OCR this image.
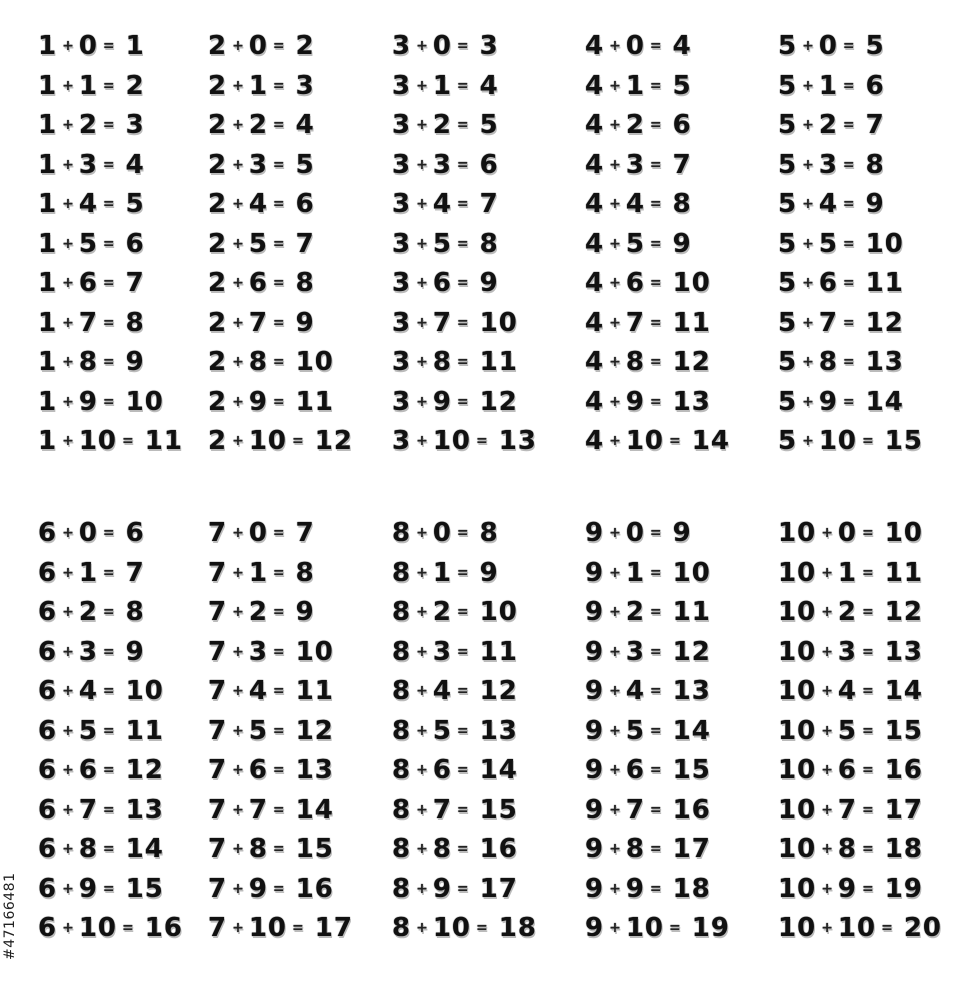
1 + 0 = 1
1 + 1 = 2
1 + 2 = 3
1 + 3 = 4
1 + 4 = 5
1 + 5 = 6
1 + 6 = 7
1 + 7 = 8
1 + 8 = 9
1 + 9 = 10
1 + 10 = 11
2 + 0 = 2
2 + 1 = 3
2 + 2 = 4
2 + 3 = 5
2 + 4 = 6
2 + 5 = 7
2 + 6 = 8
2 + 7 = 9
2 + 8 = 10
2 + 9 = 11
2 + 10 = 12
3 + 0 = 3
3 + 1 = 4
3 + 2 = 5
3 + 3 = 6
3 + 4 = 7
3 + 5 = 8
3 + 6 = 9
3 + 7 = 10
3 + 8 = 11
3 + 9 = 12
3 + 10 = 13
4 + 0 = 4
4 + 1 = 5
4 + 2 = 6
4 + 3 = 7
4 + 4 = 8
4 + 5 = 9
4 + 6 = 10
4 + 7 = 11
4 + 8 = 12
4 + 9 = 13
4 + 10 = 14
5 + 0 = 5
5 + 1 = 6
5 + 2 = 7
5 + 3 = 8
5 + 4 = 9
5 + 5 = 10
5 + 6 = 11
5 + 7 = 12
5 + 8 = 13
5 + 9 = 14
5 + 10 = 15
6 + 0 = 6
6 + 1 = 7
6 + 2 = 8
6 + 3 = 9
6 + 4 = 10
6 + 5 = 11
6 + 6 = 12
6 + 7 = 13
6 + 8 = 14
6 + 9 = 15
6 + 10 = 16
7 + 0 = 7
7 + 1 = 8
7 + 2 = 9
7 + 3 = 10
7 + 4 = 11
7 + 5 = 12
7 + 6 = 13
7 + 7 = 14
7 + 8 = 15
7 + 9 = 16
7 + 10 = 17
8 + 0 = 8
8 + 1 = 9
8 + 2 = 10
8 + 3 = 11
8 + 4 = 12
8 + 5 = 13
8 + 6 = 14
8 + 7 = 15
8 + 8 = 16
8 + 9 = 17
8 + 10 = 18
9 + 0 = 9
9 + 1 = 10
9 + 2 = 11
9 + 3 = 12
9 + 4 = 13
9 + 5 = 14
9 + 6 = 15
9 + 7 = 16
9 + 8 = 17
9 + 9 = 18
9 + 10 = 19
10 + 0 = 10
10 + 1 = 11
10 + 2 = 12
10 + 3 = 13
10 + 4 = 14
10 + 5 = 15
10 + 6 = 16
10 + 7 = 17
10 + 8 = 18
10 + 9 = 19
10 + 10 = 20
#47166481
